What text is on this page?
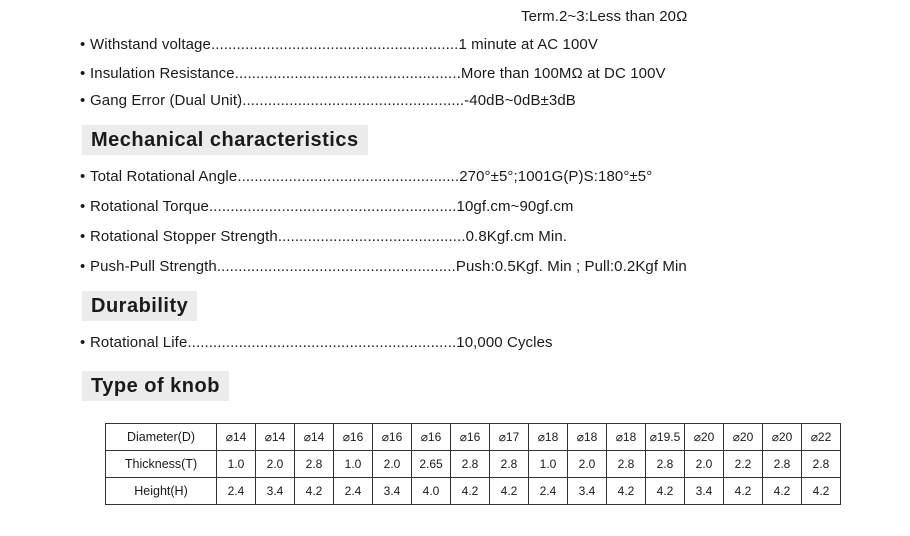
Term.2~3:Less than 20Ω
• Withstand voltage..........................................................1 minute at AC 100V
• Insulation Resistance.....................................................More than 100MΩ at DC 100V
• Gang Error (Dual Unit)....................................................-40dB~0dB±3dB
Mechanical characteristics
• Total Rotational Angle....................................................270°±5°;1001G(P)S:180°±5°
• Rotational Torque..........................................................10gf.cm~90gf.cm
• Rotational Stopper Strength............................................0.8Kgf.cm Min.
• Push-Pull Strength........................................................Push:0.5Kgf. Min ; Pull:0.2Kgf Min
Durability
• Rotational Life...............................................................10,000 Cycles
Type of knob
Diameter(D)	⌀14	⌀14	⌀14	⌀16	⌀16	⌀16	⌀16	⌀17	⌀18	⌀18	⌀18	⌀19.5	⌀20	⌀20	⌀20	⌀22
Thickness(T)	1.0	2.0	2.8	1.0	2.0	2.65	2.8	2.8	1.0	2.0	2.8	2.8	2.0	2.2	2.8	2.8
Height(H)	2.4	3.4	4.2	2.4	3.4	4.0	4.2	4.2	2.4	3.4	4.2	4.2	3.4	4.2	4.2	4.2
